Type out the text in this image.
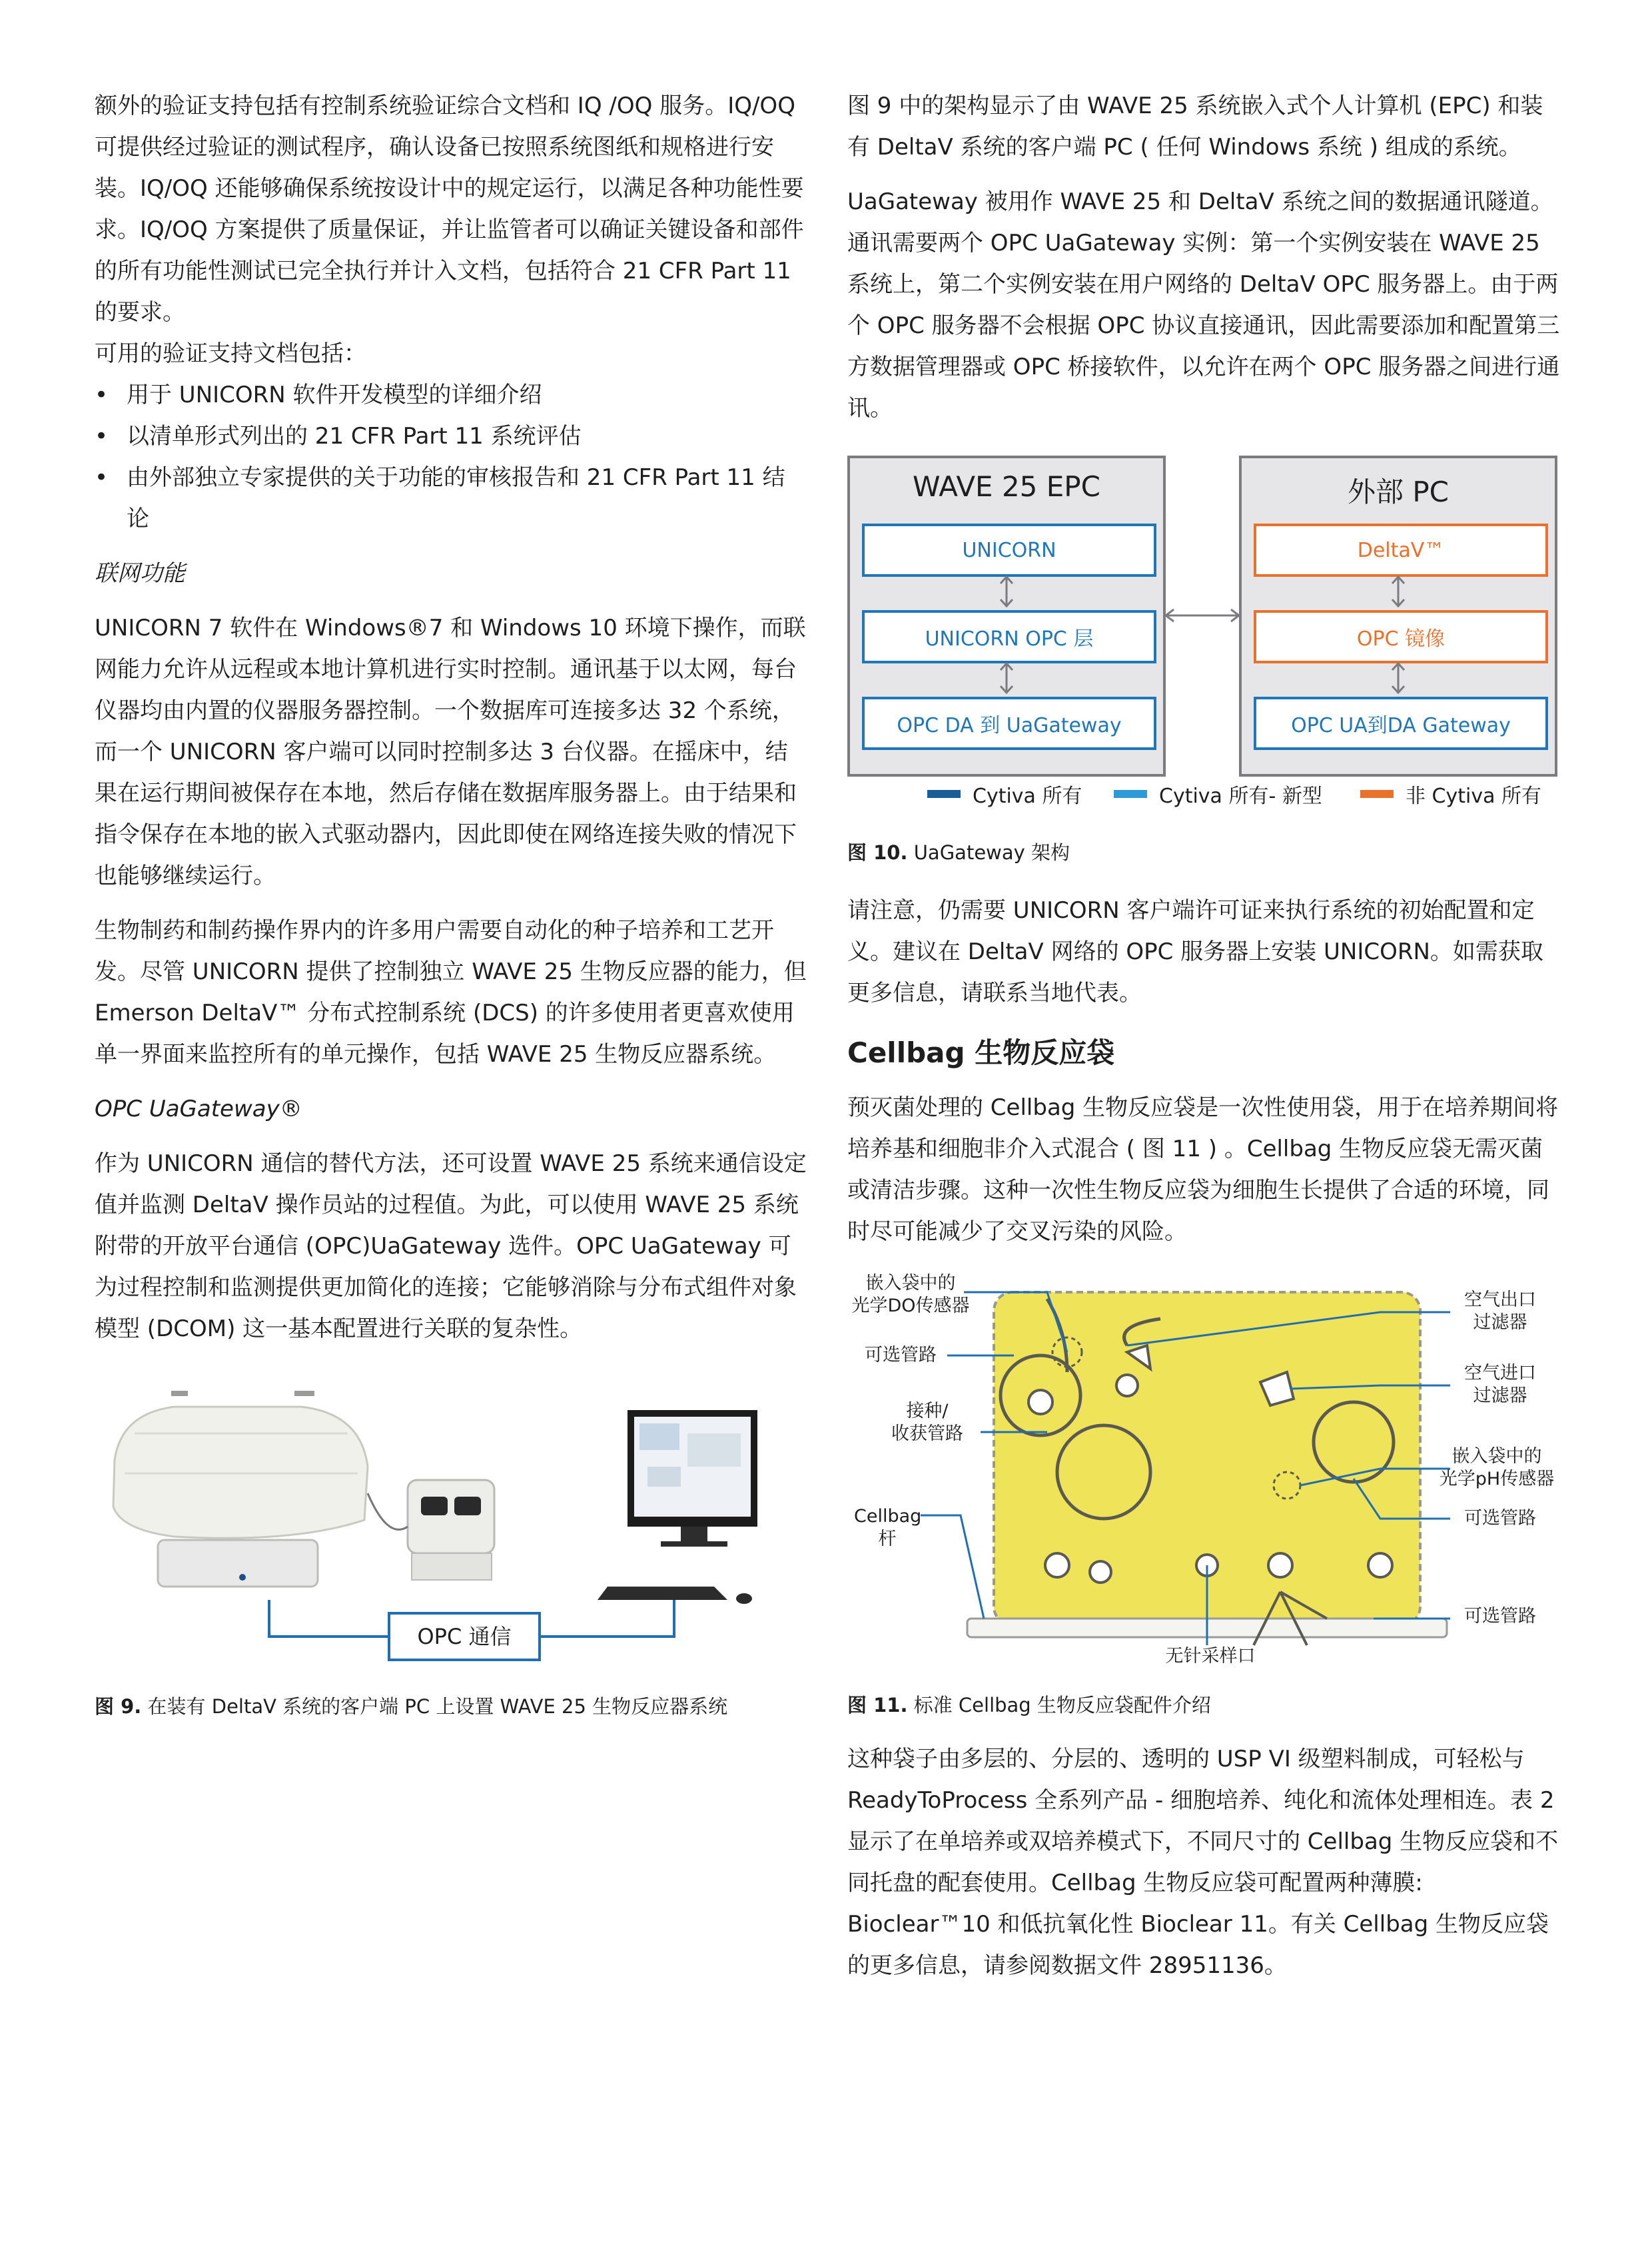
额外的验证支持包括有控制系统验证综合文档和 IQ /OQ 服务。IQ/OQ 可提供经过验证的测试程序，确认设备已按照系统图纸和规格进行安装。IQ/OQ 还能够确保系统按设计中的规定运行，以满足各种功能性要求。IQ/OQ 方案提供了质量保证，并让监管者可以确证关键设备和部件的所有功能性测试已完全执行并计入文档，包括符合 21 CFR Part 11 的要求。

可用的验证支持文档包括：

• 用于 UNICORN 软件开发模型的详细介绍
• 以清单形式列出的 21 CFR Part 11 系统评估
• 由外部独立专家提供的关于功能的审核报告和 21 CFR Part 11 结论

联网功能

UNICORN 7 软件在 Windows®7 和 Windows 10 环境下操作，而联网能力允许从远程或本地计算机进行实时控制。通讯基于以太网，每台仪器均由内置的仪器服务器控制。一个数据库可连接多达 32 个系统，而一个 UNICORN 客户端可以同时控制多达 3 台仪器。在摇床中，结果在运行期间被保存在本地，然后存储在数据库服务器上。由于结果和指令保存在本地的嵌入式驱动器内，因此即使在网络连接失败的情况下也能够继续运行。

生物制药和制药操作界内的许多用户需要自动化的种子培养和工艺开发。尽管 UNICORN 提供了控制独立 WAVE 25 生物反应器的能力，但 Emerson DeltaV™ 分布式控制系统 (DCS) 的许多使用者更喜欢使用单一界面来监控所有的单元操作，包括 WAVE 25 生物反应器系统。

OPC UaGateway®

作为 UNICORN 通信的替代方法，还可设置 WAVE 25 系统来通信设定值并监测 DeltaV 操作员站的过程值。为此，可以使用 WAVE 25 系统附带的开放平台通信 (OPC)UaGateway 选件。OPC UaGateway 可为过程控制和监测提供更加简化的连接；它能够消除与分布式组件对象模型 (DCOM) 这一基本配置进行关联的复杂性。

OPC 通信

图 9. 在装有 DeltaV 系统的客户端 PC 上设置 WAVE 25 生物反应器系统

图 9 中的架构显示了由 WAVE 25 系统嵌入式个人计算机 (EPC) 和装有 DeltaV 系统的客户端 PC ( 任何 Windows 系统 ) 组成的系统。

UaGateway 被用作 WAVE 25 和 DeltaV 系统之间的数据通讯隧道。通讯需要两个 OPC UaGateway 实例：第一个实例安装在 WAVE 25 系统上，第二个实例安装在用户网络的 DeltaV OPC 服务器上。由于两个 OPC 服务器不会根据 OPC 协议直接通讯，因此需要添加和配置第三方数据管理器或 OPC 桥接软件，以允许在两个 OPC 服务器之间进行通讯。

WAVE 25 EPC
UNICORN
UNICORN OPC 层
OPC DA 到 UaGateway
外部 PC
DeltaV™
OPC 镜像
OPC UA到DA Gateway
Cytiva 所有	Cytiva 所有- 新型	非 Cytiva 所有

图 10. UaGateway 架构

请注意，仍需要 UNICORN 客户端许可证来执行系统的初始配置和定义。建议在 DeltaV 网络的 OPC 服务器上安装 UNICORN。如需获取更多信息，请联系当地代表。

Cellbag 生物反应袋

预灭菌处理的 Cellbag 生物反应袋是一次性使用袋，用于在培养期间将培养基和细胞非介入式混合 ( 图 11 ) 。Cellbag 生物反应袋无需灭菌或清洁步骤。这种一次性生物反应袋为细胞生长提供了合适的环境，同时尽可能减少了交叉污染的风险。

嵌入袋中的
光学DO传感器
可选管路
接种/
收获管路
Cellbag杆
无针采样口
空气出口
过滤器
空气进口
过滤器
嵌入袋中的
光学pH传感器
可选管路
可选管路

图 11. 标准 Cellbag 生物反应袋配件介绍

这种袋子由多层的、分层的、透明的 USP VI 级塑料制成，可轻松与 ReadyToProcess 全系列产品 - 细胞培养、纯化和流体处理相连。表 2 显示了在单培养或双培养模式下，不同尺寸的 Cellbag 生物反应袋和不同托盘的配套使用。Cellbag 生物反应袋可配置两种薄膜: Bioclear™10 和低抗氧化性 Bioclear 11。有关 Cellbag 生物反应袋的更多信息，请参阅数据文件 28951136。
